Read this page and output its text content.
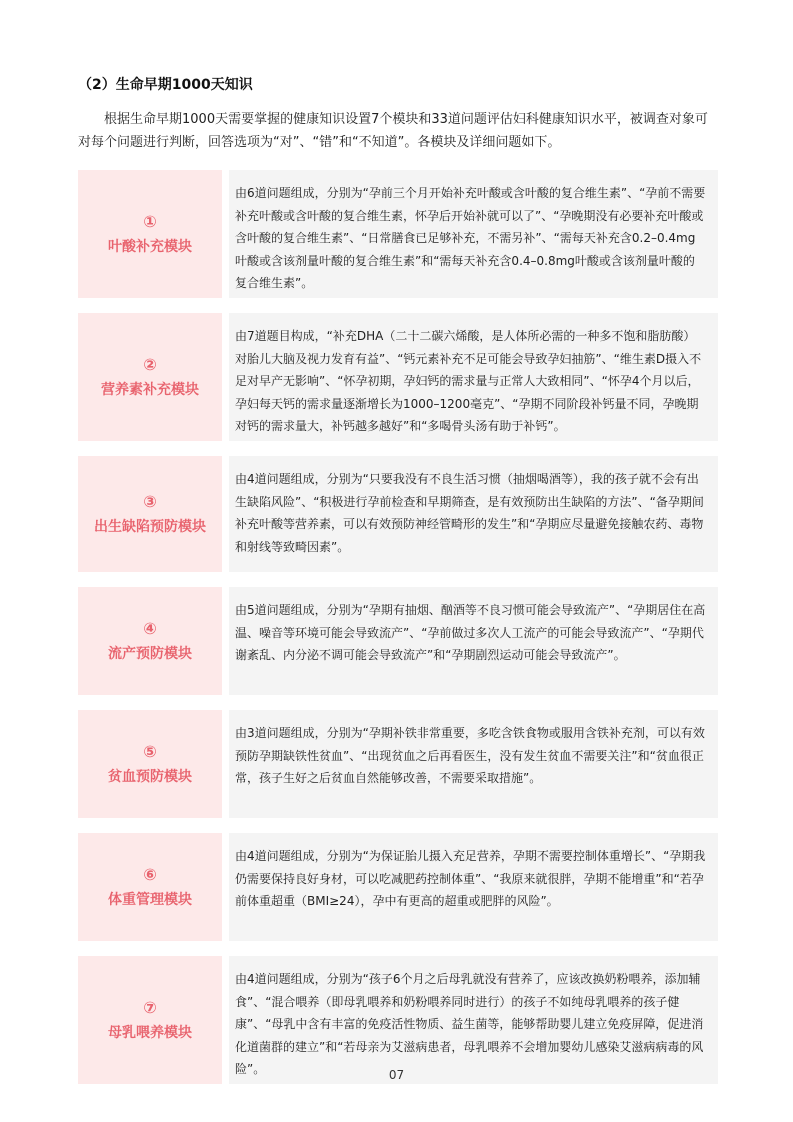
（2）生命早期1000天知识
根据生命早期1000天需要掌握的健康知识设置7个模块和33道问题评估妇科健康知识水平，被调查对象可对每个问题进行判断，回答选项为“对”、“错”和“不知道”。各模块及详细问题如下。
①
叶酸补充模块
由6道问题组成，分别为“孕前三个月开始补充叶酸或含叶酸的复合维生素”、“孕前不需要补充叶酸或含叶酸的复合维生素，怀孕后开始补就可以了”、“孕晚期没有必要补充叶酸或含叶酸的复合维生素”、“日常膳食已足够补充，不需另补”、“需每天补充含0.2–0.4mg叶酸或含该剂量叶酸的复合维生素”和“需每天补充含0.4–0.8mg叶酸或含该剂量叶酸的复合维生素”。
②
营养素补充模块
由7道题目构成，“补充DHA（二十二碳六烯酸，是人体所必需的一种多不饱和脂肪酸）对胎儿大脑及视力发育有益”、“钙元素补充不足可能会导致孕妇抽筋”、“维生素D摄入不足对早产无影响”、“怀孕初期，孕妇钙的需求量与正常人大致相同”、“怀孕4个月以后，孕妇每天钙的需求量逐渐增长为1000–1200毫克”、“孕期不同阶段补钙量不同，孕晚期对钙的需求量大，补钙越多越好”和“多喝骨头汤有助于补钙”。
③
出生缺陷预防模块
由4道问题组成，分别为“只要我没有不良生活习惯（抽烟喝酒等），我的孩子就不会有出生缺陷风险”、“积极进行孕前检查和早期筛查，是有效预防出生缺陷的方法”、“备孕期间补充叶酸等营养素，可以有效预防神经管畸形的发生”和“孕期应尽量避免接触农药、毒物和射线等致畸因素”。
④
流产预防模块
由5道问题组成，分别为“孕期有抽烟、酗酒等不良习惯可能会导致流产”、“孕期居住在高温、噪音等环境可能会导致流产”、“孕前做过多次人工流产的可能会导致流产”、“孕期代谢紊乱、内分泌不调可能会导致流产”和“孕期剧烈运动可能会导致流产”。
⑤
贫血预防模块
由3道问题组成，分别为“孕期补铁非常重要，多吃含铁食物或服用含铁补充剂，可以有效预防孕期缺铁性贫血”、“出现贫血之后再看医生，没有发生贫血不需要关注”和“贫血很正常，孩子生好之后贫血自然能够改善，不需要采取措施”。
⑥
体重管理模块
由4道问题组成，分别为“为保证胎儿摄入充足营养，孕期不需要控制体重增长”、“孕期我仍需要保持良好身材，可以吃减肥药控制体重”、“我原来就很胖，孕期不能增重”和“若孕前体重超重（BMI≥24），孕中有更高的超重或肥胖的风险”。
⑦
母乳喂养模块
由4道问题组成，分别为“孩子6个月之后母乳就没有营养了，应该改换奶粉喂养，添加辅食”、“混合喂养（即母乳喂养和奶粉喂养同时进行）的孩子不如纯母乳喂养的孩子健康”、“母乳中含有丰富的免疫活性物质、益生菌等，能够帮助婴儿建立免疫屏障，促进消化道菌群的建立”和“若母亲为艾滋病患者，母乳喂养不会增加婴幼儿感染艾滋病病毒的风险”。	07
